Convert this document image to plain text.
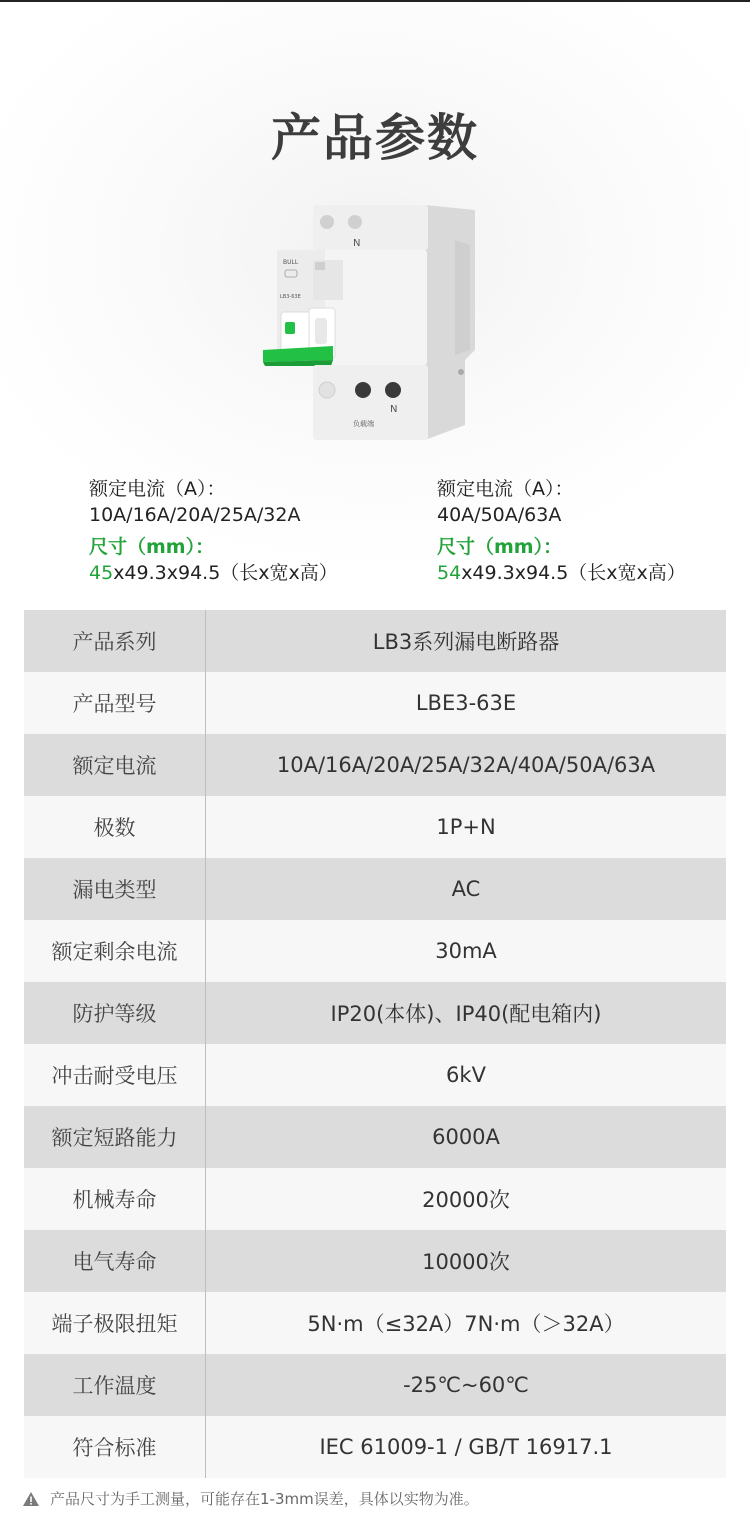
产品参数
N
BULL
LB3-63E
N
负载端
额定电流（A）：
10A/16A/20A/25A/32A
尺寸（mm）：
45x49.3x94.5（长x宽x高）
额定电流（A）：
40A/50A/63A
尺寸（mm）：
54x49.3x94.5（长x宽x高）
产品系列	LB3系列漏电断路器
产品型号	LBE3-63E
额定电流	10A/16A/20A/25A/32A/40A/50A/63A
极数	1P+N
漏电类型	AC
额定剩余电流	30mA
防护等级	IP20(本体)、IP40(配电箱内)
冲击耐受电压	6kV
额定短路能力	6000A
机械寿命	20000次
电气寿命	10000次
端子极限扭矩	5N·m（≤32A）7N·m（＞32A）
工作温度	-25℃~60℃
符合标准	IEC 61009-1 / GB/T 16917.1
产品尺寸为手工测量，可能存在1-3mm误差，具体以实物为准。
